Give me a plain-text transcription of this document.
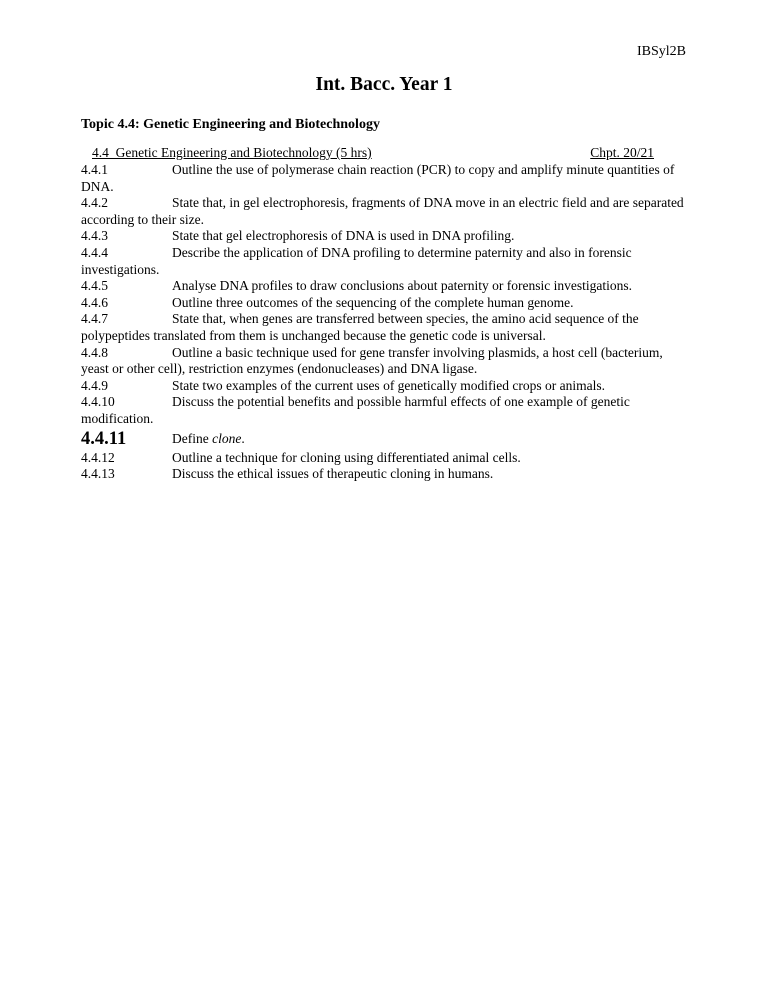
IBSyl2B
Int. Bacc. Year 1
Topic 4.4: Genetic Engineering and Biotechnology
4.4  Genetic Engineering and Biotechnology (5 hrs)	Chpt. 20/21

4.4.1	Outline the use of polymerase chain reaction (PCR) to copy and amplify minute quantities of DNA.

4.4.2	State that, in gel electrophoresis, fragments of DNA move in an electric field and are separated according to their size.

4.4.3	State that gel electrophoresis of DNA is used in DNA profiling.

4.4.4	Describe the application of DNA profiling to determine paternity and also in forensic investigations.

4.4.5	Analyse DNA profiles to draw conclusions about paternity or forensic investigations.

4.4.6	Outline three outcomes of the sequencing of the complete human genome.

4.4.7	State that, when genes are transferred between species, the amino acid sequence of the polypeptides translated from them is unchanged because the genetic code is universal.

4.4.8	Outline a basic technique used for gene transfer involving plasmids, a host cell (bacterium, yeast or other cell), restriction enzymes (endonucleases) and DNA ligase.

4.4.9	State two examples of the current uses of genetically modified crops or animals.

4.4.10	Discuss the potential benefits and possible harmful effects of one example of genetic modification.

4.4.11	Define clone.

4.4.12	Outline a technique for cloning using differentiated animal cells.

4.4.13	Discuss the ethical issues of therapeutic cloning in humans.
